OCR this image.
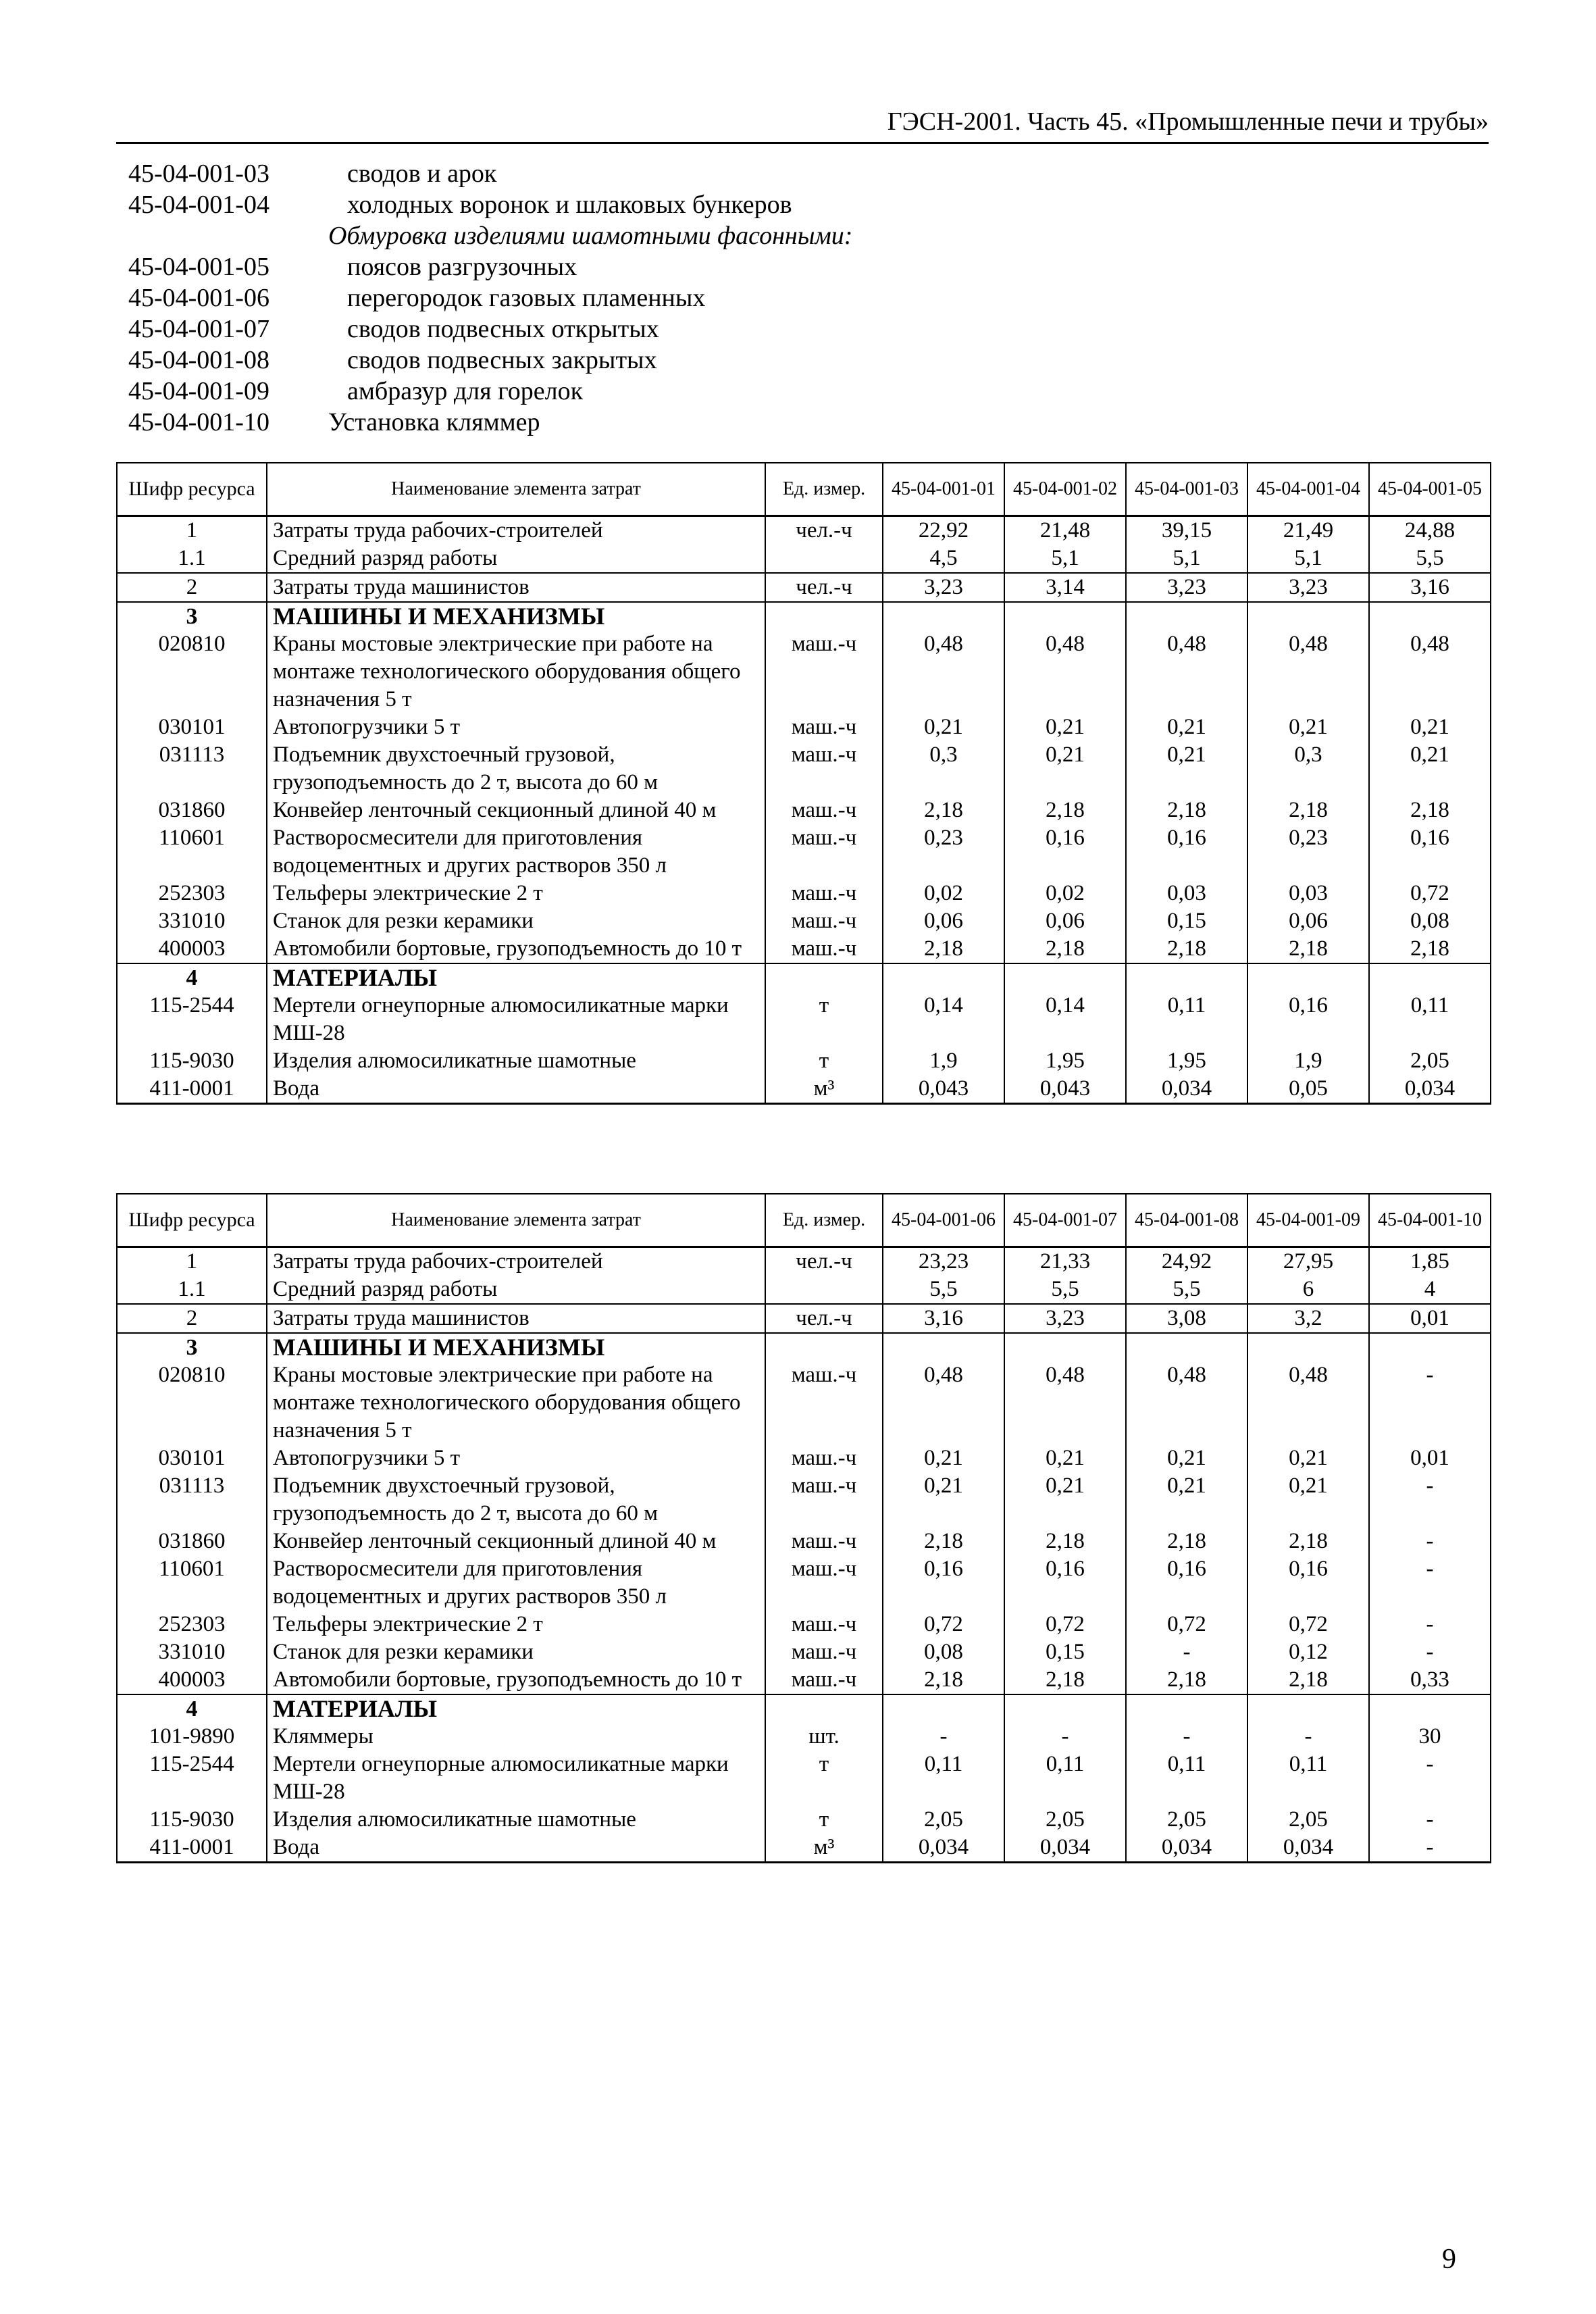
ГЭСН-2001. Часть 45. «Промышленные печи и трубы»
45-04-001-03	сводов и арок
45-04-001-04	холодных воронок и шлаковых бункеров
Обмуровка изделиями шамотными фасонными:
45-04-001-05	поясов разгрузочных
45-04-001-06	перегородок газовых пламенных
45-04-001-07	сводов подвесных открытых
45-04-001-08	сводов подвесных закрытых
45-04-001-09	амбразур для горелок
45-04-001-10 Установка кляммер
Шифр ресурса	Наименование элемента затрат	Ед. измер.	45-04-001-01	45-04-001-02	45-04-001-03	45-04-001-04	45-04-001-05
1	Затраты труда рабочих-строителей	чел.-ч	22,92	21,48	39,15	21,49	24,88
1.1	Средний разряд работы		4,5	5,1	5,1	5,1	5,5
2	Затраты труда машинистов	чел.-ч	3,23	3,14	3,23	3,23	3,16
3	МАШИНЫ И МЕХАНИЗМЫ						
020810	Краны мостовые электрические при работе на монтаже технологического оборудования общего назначения 5 т	маш.-ч	0,48	0,48	0,48	0,48	0,48
030101	Автопогрузчики 5 т	маш.-ч	0,21	0,21	0,21	0,21	0,21
031113	Подъемник двухстоечный грузовой, грузоподъемность до 2 т, высота до 60 м	маш.-ч	0,3	0,21	0,21	0,3	0,21
031860	Конвейер ленточный секционный длиной 40 м	маш.-ч	2,18	2,18	2,18	2,18	2,18
110601	Растворосмесители для приготовления водоцементных и других растворов 350 л	маш.-ч	0,23	0,16	0,16	0,23	0,16
252303	Тельферы электрические 2 т	маш.-ч	0,02	0,02	0,03	0,03	0,72
331010	Станок для резки керамики	маш.-ч	0,06	0,06	0,15	0,06	0,08
400003	Автомобили бортовые, грузоподъемность до 10 т	маш.-ч	2,18	2,18	2,18	2,18	2,18
4	МАТЕРИАЛЫ						
115-2544	Мертели огнеупорные алюмосиликатные марки МШ-28	т	0,14	0,14	0,11	0,16	0,11
115-9030	Изделия алюмосиликатные шамотные	т	1,9	1,95	1,95	1,9	2,05
411-0001	Вода	м³	0,043	0,043	0,034	0,05	0,034
Шифр ресурса	Наименование элемента затрат	Ед. измер.	45-04-001-06	45-04-001-07	45-04-001-08	45-04-001-09	45-04-001-10
1	Затраты труда рабочих-строителей	чел.-ч	23,23	21,33	24,92	27,95	1,85
1.1	Средний разряд работы		5,5	5,5	5,5	6	4
2	Затраты труда машинистов	чел.-ч	3,16	3,23	3,08	3,2	0,01
3	МАШИНЫ И МЕХАНИЗМЫ						
020810	Краны мостовые электрические при работе на монтаже технологического оборудования общего назначения 5 т	маш.-ч	0,48	0,48	0,48	0,48	-
030101	Автопогрузчики 5 т	маш.-ч	0,21	0,21	0,21	0,21	0,01
031113	Подъемник двухстоечный грузовой, грузоподъемность до 2 т, высота до 60 м	маш.-ч	0,21	0,21	0,21	0,21	-
031860	Конвейер ленточный секционный длиной 40 м	маш.-ч	2,18	2,18	2,18	2,18	-
110601	Растворосмесители для приготовления водоцементных и других растворов 350 л	маш.-ч	0,16	0,16	0,16	0,16	-
252303	Тельферы электрические 2 т	маш.-ч	0,72	0,72	0,72	0,72	-
331010	Станок для резки керамики	маш.-ч	0,08	0,15	-	0,12	-
400003	Автомобили бортовые, грузоподъемность до 10 т	маш.-ч	2,18	2,18	2,18	2,18	0,33
4	МАТЕРИАЛЫ						
101-9890	Кляммеры	шт.	-	-	-	-	30
115-2544	Мертели огнеупорные алюмосиликатные марки МШ-28	т	0,11	0,11	0,11	0,11	-
115-9030	Изделия алюмосиликатные шамотные	т	2,05	2,05	2,05	2,05	-
411-0001	Вода	м³	0,034	0,034	0,034	0,034	-
9
